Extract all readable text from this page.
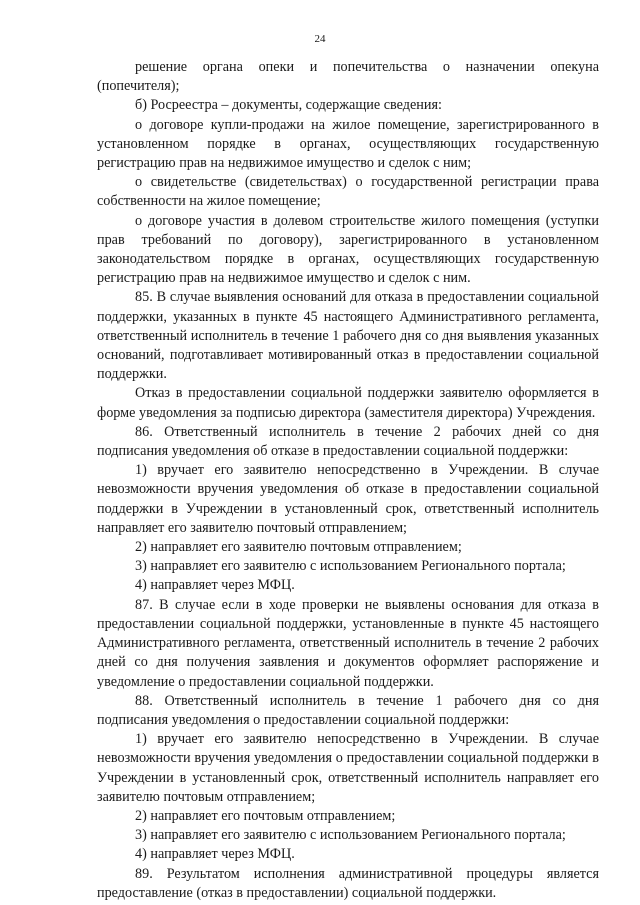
24

решение органа опеки и попечительства о назначении опекуна (попечителя);

б) Росреестра – документы, содержащие сведения:

о договоре купли-продажи на жилое помещение, зарегистрированного в установленном порядке в органах, осуществляющих государственную регистрацию прав на недвижимое имущество и сделок с ним;

о свидетельстве (свидетельствах) о государственной регистрации права собственности на жилое помещение;

о договоре участия в долевом строительстве жилого помещения (уступки прав требований по договору), зарегистрированного в установленном законодательством порядке в органах, осуществляющих государственную регистрацию прав на недвижимое имущество и сделок с ним.

85. В случае выявления оснований для отказа в предоставлении социальной поддержки, указанных в пункте 45 настоящего Административного регламента, ответственный исполнитель в течение 1 рабочего дня со дня выявления указанных оснований, подготавливает мотивированный отказ в предоставлении социальной поддержки.

Отказ в предоставлении социальной поддержки заявителю оформляется в форме уведомления за подписью директора (заместителя директора) Учреждения.

86. Ответственный исполнитель в течение 2 рабочих дней со дня подписания уведомления об отказе в предоставлении социальной поддержки:

1) вручает его заявителю непосредственно в Учреждении. В случае невозможности вручения уведомления об отказе в предоставлении социальной поддержки в Учреждении в установленный срок, ответственный исполнитель направляет его заявителю почтовый отправлением;

2) направляет его заявителю почтовым отправлением;

3) направляет его заявителю с использованием Регионального портала;

4) направляет через МФЦ.

87. В случае если в ходе проверки не выявлены основания для отказа в предоставлении социальной поддержки, установленные в пункте 45 настоящего Административного регламента, ответственный исполнитель в течение 2 рабочих дней со дня получения заявления и документов оформляет распоряжение и уведомление о предоставлении социальной поддержки.

88. Ответственный исполнитель в течение 1 рабочего дня со дня подписания уведомления о предоставлении социальной поддержки:

1) вручает его заявителю непосредственно в Учреждении. В случае невозможности вручения уведомления о предоставлении социальной поддержки в Учреждении в установленный срок, ответственный исполнитель направляет его заявителю почтовым отправлением;

2) направляет его почтовым отправлением;

3) направляет его заявителю с использованием Регионального портала;

4) направляет через МФЦ.

89. Результатом исполнения административной процедуры является предоставление (отказ в предоставлении) социальной поддержки.
